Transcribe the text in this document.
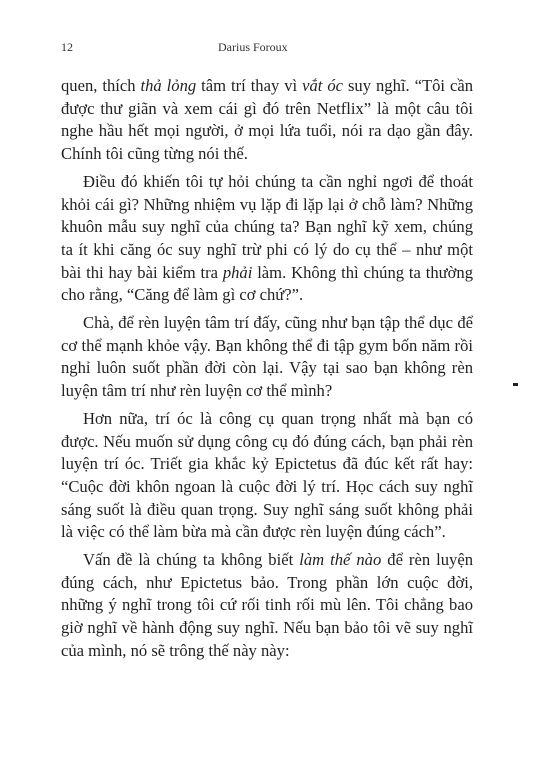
12	Darius Foroux

quen, thích thả lỏng tâm trí thay vì vắt óc suy nghĩ. “Tôi cần được thư giãn và xem cái gì đó trên Netflix” là một câu tôi nghe hầu hết mọi người, ở mọi lứa tuổi, nói ra dạo gần đây. Chính tôi cũng từng nói thế.

Điều đó khiến tôi tự hỏi chúng ta cần nghỉ ngơi để thoát khỏi cái gì? Những nhiệm vụ lặp đi lặp lại ở chỗ làm? Những khuôn mẫu suy nghĩ của chúng ta? Bạn nghĩ kỹ xem, chúng ta ít khi căng óc suy nghĩ trừ phi có lý do cụ thể – như một bài thi hay bài kiểm tra phải làm. Không thì chúng ta thường cho rằng, “Căng để làm gì cơ chứ?”.

Chà, để rèn luyện tâm trí đấy, cũng như bạn tập thể dục để cơ thể mạnh khỏe vậy. Bạn không thể đi tập gym bốn năm rồi nghỉ luôn suốt phần đời còn lại. Vậy tại sao bạn không rèn luyện tâm trí như rèn luyện cơ thể mình?

Hơn nữa, trí óc là công cụ quan trọng nhất mà bạn có được. Nếu muốn sử dụng công cụ đó đúng cách, bạn phải rèn luyện trí óc. Triết gia khắc kỷ Epictetus đã đúc kết rất hay: “Cuộc đời khôn ngoan là cuộc đời lý trí. Học cách suy nghĩ sáng suốt là điều quan trọng. Suy nghĩ sáng suốt không phải là việc có thể làm bừa mà cần được rèn luyện đúng cách”.

Vấn đề là chúng ta không biết làm thế nào để rèn luyện đúng cách, như Epictetus bảo. Trong phần lớn cuộc đời, những ý nghĩ trong tôi cứ rối tinh rối mù lên. Tôi chẳng bao giờ nghĩ về hành động suy nghĩ. Nếu bạn bảo tôi vẽ suy nghĩ của mình, nó sẽ trông thế này này:
